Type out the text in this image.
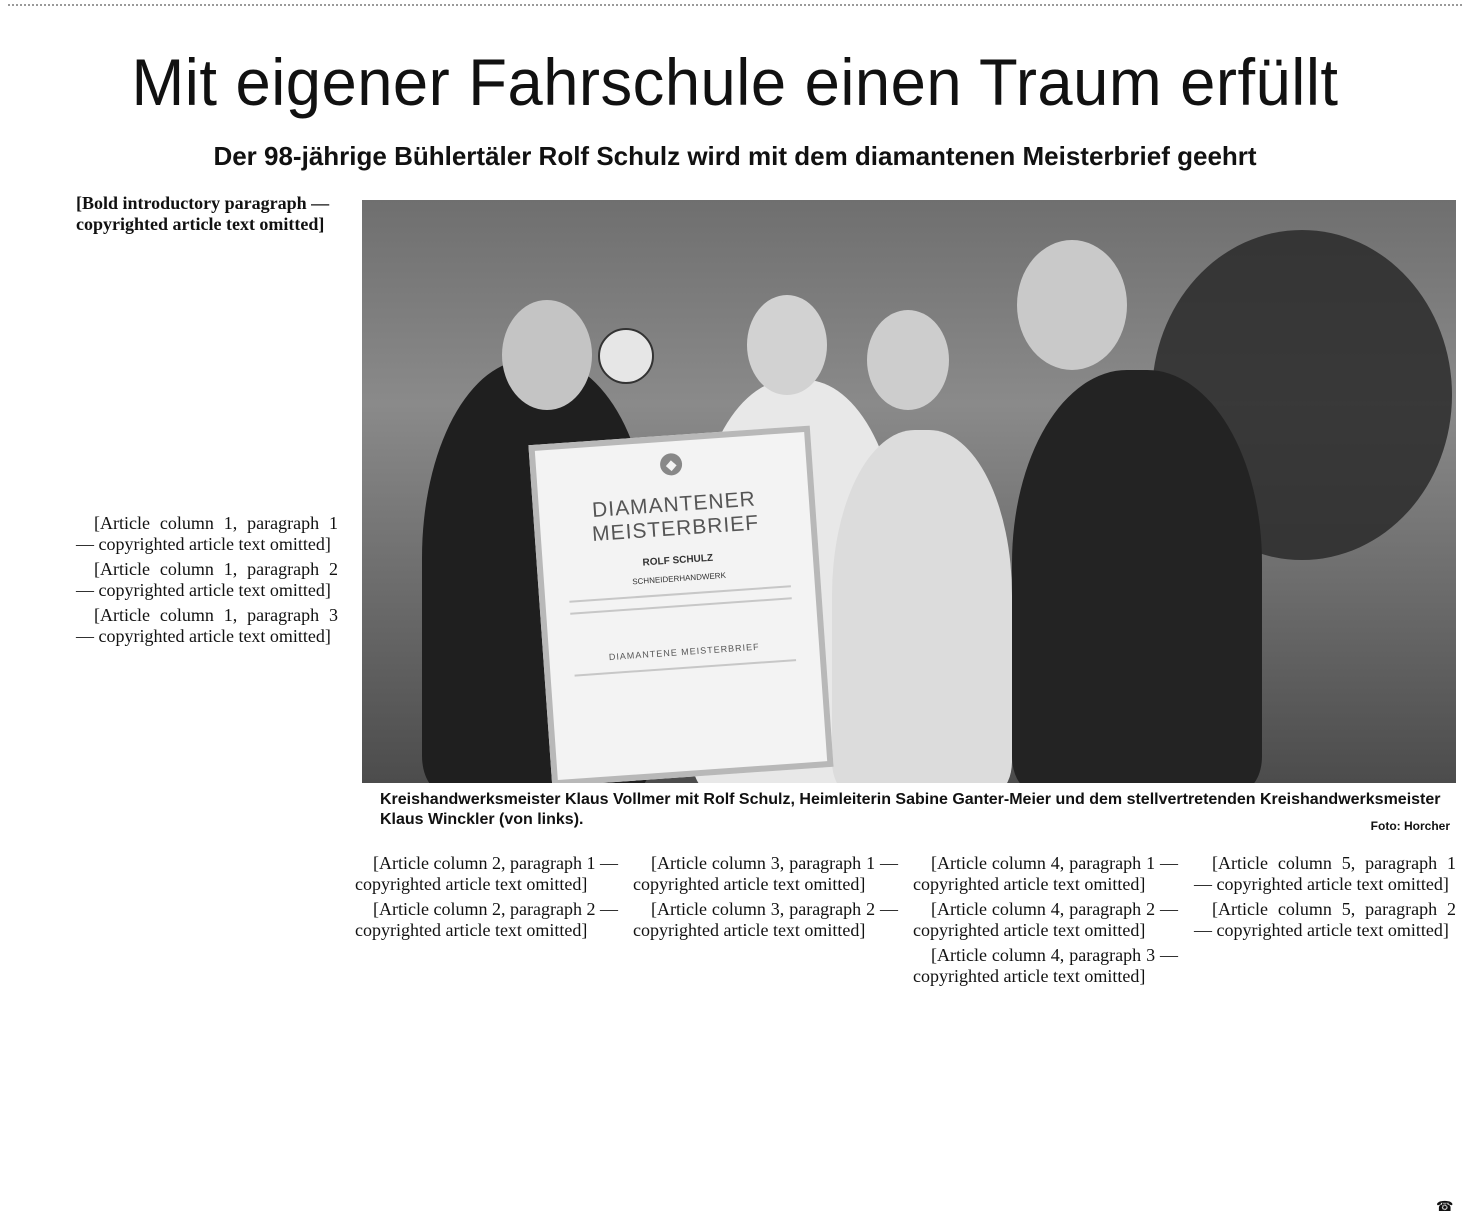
Mit eigener Fahrschule einen Traum erfüllt
Der 98-jährige Bühlertäler Rolf Schulz wird mit dem diamantenen Meisterbrief geehrt
[Bold introductory paragraph — copyrighted article text omitted]

[Article column 1, paragraph 1 — copyrighted article text omitted]

[Article column 1, paragraph 2 — copyrighted article text omitted]

[Article column 1, paragraph 3 — copyrighted article text omitted]

◆
DIAMANTENER MEISTERBRIEF
ROLF SCHULZ
SCHNEIDERHANDWERK
DIAMANTENE MEISTERBRIEF
Kreishandwerksmeister Klaus Vollmer mit Rolf Schulz, Heimleiterin Sabine Ganter-Meier und dem stellvertretenden Kreishandwerksmeister Klaus Winckler (von links).	Foto: Horcher

[Article column 2, paragraph 1 — copyrighted article text omitted]

[Article column 2, paragraph 2 — copyrighted article text omitted]

[Article column 3, paragraph 1 — copyrighted article text omitted]

[Article column 3, paragraph 2 — copyrighted article text omitted]

[Article column 4, paragraph 1 — copyrighted article text omitted]

[Article column 4, paragraph 2 — copyrighted article text omitted]

[Article column 4, paragraph 3 — copyrighted article text omitted]

[Article column 5, paragraph 1 — copyrighted article text omitted]

[Article column 5, paragraph 2 — copyrighted article text omitted]

☎
